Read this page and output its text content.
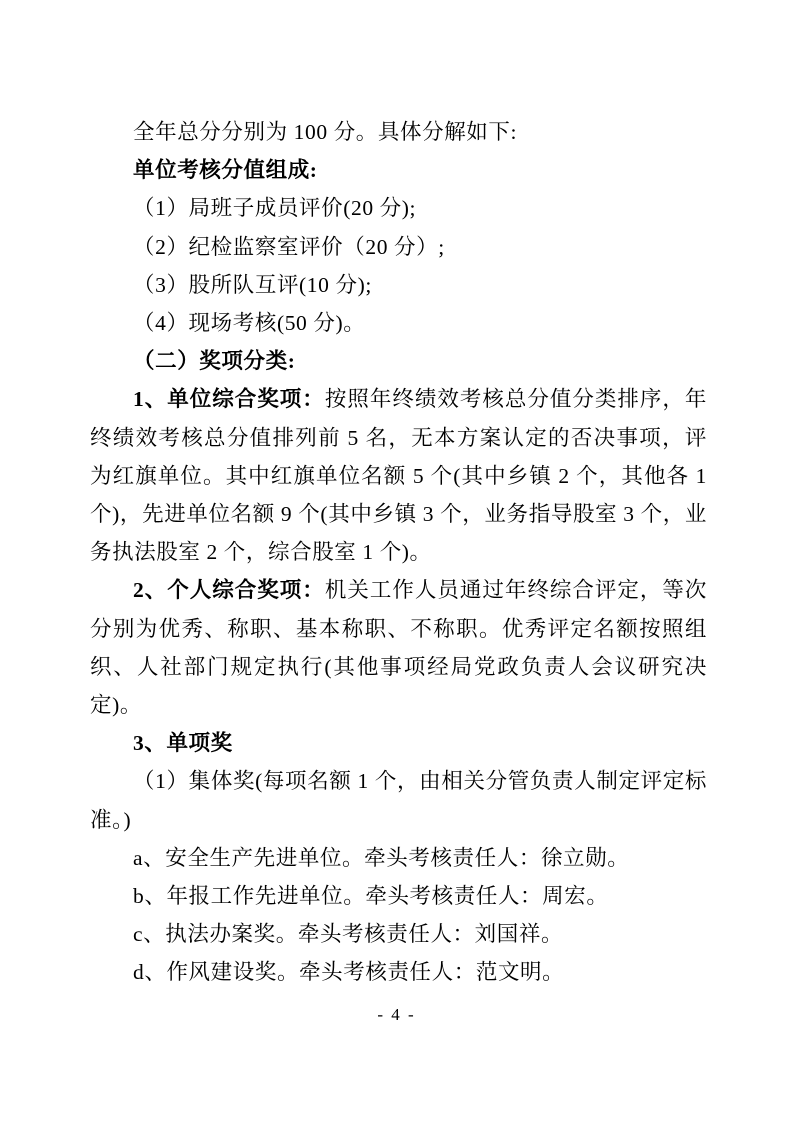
全年总分分别为 100 分。具体分解如下:

单位考核分值组成:

（1）局班子成员评价(20 分);

（2）纪检监察室评价（20 分）;

（3）股所队互评(10 分);

（4）现场考核(50 分)。

（二）奖项分类:

1、单位综合奖项：按照年终绩效考核总分值分类排序，年终绩效考核总分值排列前 5 名，无本方案认定的否决事项，评为红旗单位。其中红旗单位名额 5 个(其中乡镇 2 个，其他各 1 个)，先进单位名额 9 个(其中乡镇 3 个，业务指导股室 3 个，业务执法股室 2 个，综合股室 1 个)。

2、个人综合奖项：机关工作人员通过年终综合评定，等次分别为优秀、称职、基本称职、不称职。优秀评定名额按照组织、人社部门规定执行(其他事项经局党政负责人会议研究决定)。

3、单项奖

（1）集体奖(每项名额 1 个，由相关分管负责人制定评定标准。)

a、安全生产先进单位。牵头考核责任人：徐立勋。

b、年报工作先进单位。牵头考核责任人：周宏。

c、执法办案奖。牵头考核责任人：刘国祥。

d、作风建设奖。牵头考核责任人：范文明。

- 4 -
